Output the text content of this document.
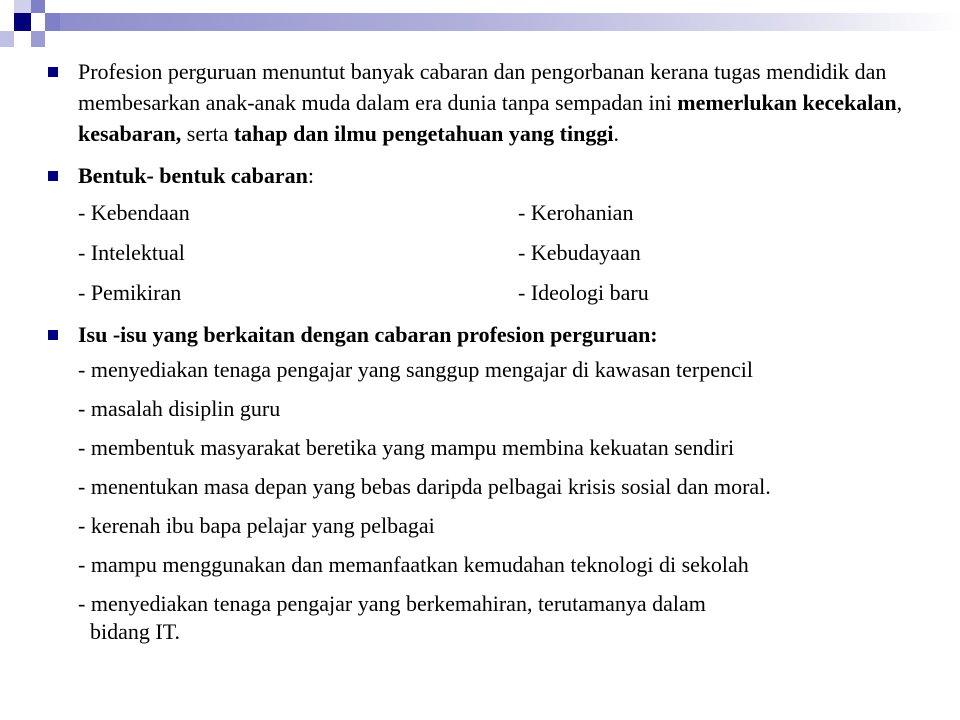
Profesion perguruan menuntut banyak cabaran dan pengorbanan kerana tugas mendidik dan membesarkan anak-anak muda dalam era dunia tanpa sempadan ini memerlukan kecekalan, kesabaran, serta tahap dan ilmu pengetahuan yang tinggi.

Bentuk- bentuk cabaran:

- Kebendaan	- Kerohanian
- Intelektual	- Kebudayaan
- Pemikiran	- Ideologi baru

Isu -isu yang berkaitan dengan cabaran profesion perguruan:

- menyediakan tenaga pengajar yang sanggup mengajar di kawasan terpencil

- masalah disiplin guru

- membentuk masyarakat beretika yang mampu membina kekuatan sendiri

- menentukan masa depan yang bebas daripda pelbagai krisis sosial dan moral.

- kerenah ibu bapa pelajar yang pelbagai

- mampu menggunakan dan memanfaatkan kemudahan teknologi di sekolah

- menyediakan tenaga pengajar yang berkemahiran, terutamanya dalam

bidang IT.
